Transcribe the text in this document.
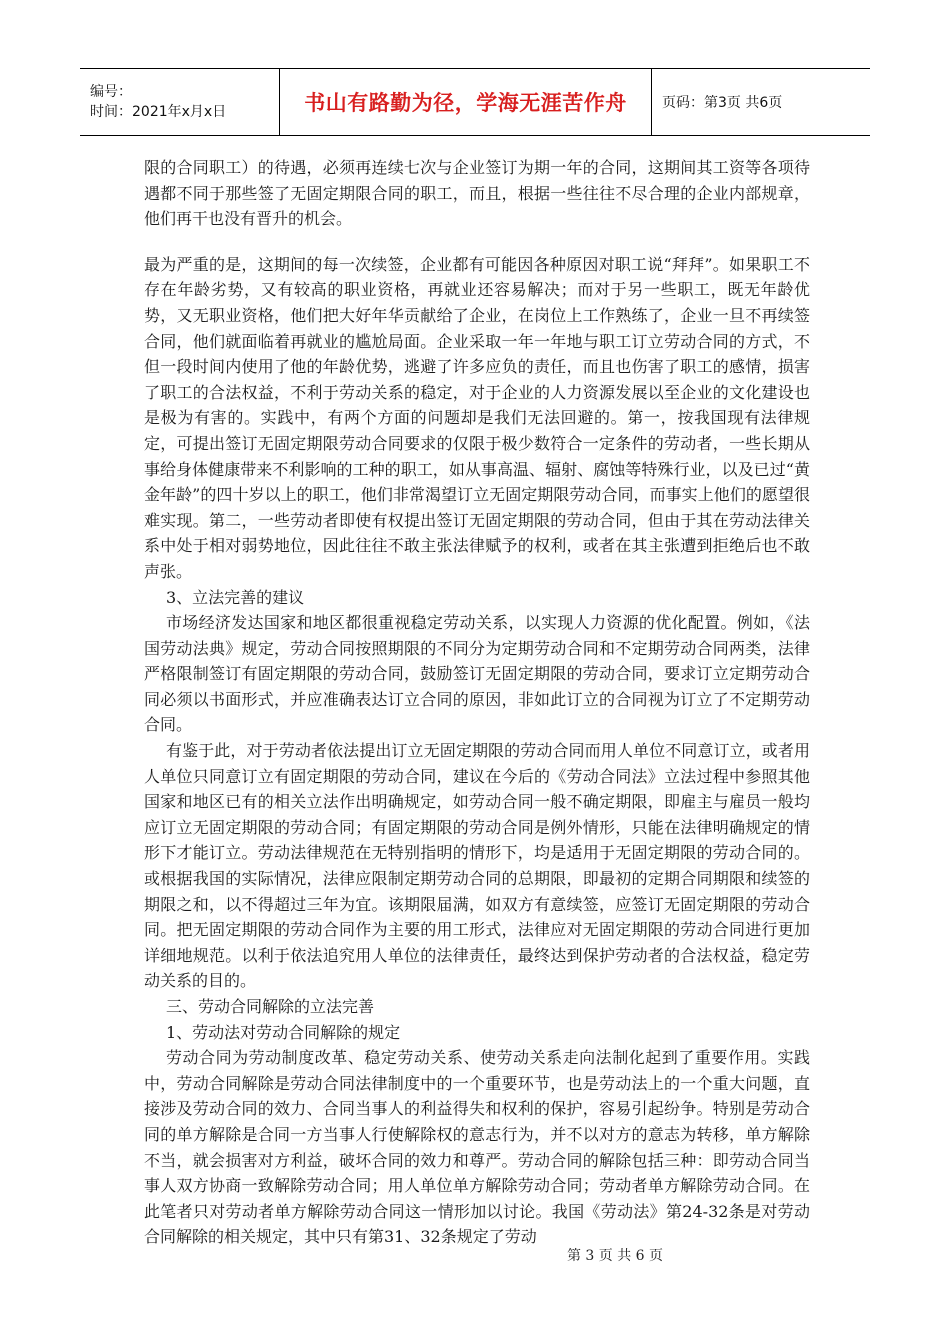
编号：
时间：2021年x月x日	书山有路勤为径，学海无涯苦作舟	页码：第3页 共6页

限的合同职工）的待遇，必须再连续七次与企业签订为期一年的合同，这期间其工资等各项待遇都不同于那些签了无固定期限合同的职工，而且，根据一些往往不尽合理的企业内部规章，他们再干也没有晋升的机会。

最为严重的是，这期间的每一次续签，企业都有可能因各种原因对职工说“拜拜”。如果职工不存在年龄劣势，又有较高的职业资格，再就业还容易解决；而对于另一些职工，既无年龄优势，又无职业资格，他们把大好年华贡献给了企业，在岗位上工作熟练了，企业一旦不再续签合同，他们就面临着再就业的尴尬局面。企业采取一年一年地与职工订立劳动合同的方式，不但一段时间内使用了他的年龄优势，逃避了许多应负的责任，而且也伤害了职工的感情，损害了职工的合法权益，不利于劳动关系的稳定，对于企业的人力资源发展以至企业的文化建设也是极为有害的。实践中，有两个方面的问题却是我们无法回避的。第一，按我国现有法律规定，可提出签订无固定期限劳动合同要求的仅限于极少数符合一定条件的劳动者，一些长期从事给身体健康带来不利影响的工种的职工，如从事高温、辐射、腐蚀等特殊行业，以及已过“黄金年龄”的四十岁以上的职工，他们非常渴望订立无固定期限劳动合同，而事实上他们的愿望很难实现。第二，一些劳动者即使有权提出签订无固定期限的劳动合同，但由于其在劳动法律关系中处于相对弱势地位，因此往往不敢主张法律赋予的权利，或者在其主张遭到拒绝后也不敢声张。

3、立法完善的建议

市场经济发达国家和地区都很重视稳定劳动关系，以实现人力资源的优化配置。例如，《法国劳动法典》规定，劳动合同按照期限的不同分为定期劳动合同和不定期劳动合同两类，法律严格限制签订有固定期限的劳动合同，鼓励签订无固定期限的劳动合同，要求订立定期劳动合同必须以书面形式，并应准确表达订立合同的原因，非如此订立的合同视为订立了不定期劳动合同。

有鉴于此，对于劳动者依法提出订立无固定期限的劳动合同而用人单位不同意订立，或者用人单位只同意订立有固定期限的劳动合同，建议在今后的《劳动合同法》立法过程中参照其他国家和地区已有的相关立法作出明确规定，如劳动合同一般不确定期限，即雇主与雇员一般均应订立无固定期限的劳动合同；有固定期限的劳动合同是例外情形，只能在法律明确规定的情形下才能订立。劳动法律规范在无特别指明的情形下，均是适用于无固定期限的劳动合同的。或根据我国的实际情况，法律应限制定期劳动合同的总期限，即最初的定期合同期限和续签的期限之和，以不得超过三年为宜。该期限届满，如双方有意续签，应签订无固定期限的劳动合同。把无固定期限的劳动合同作为主要的用工形式，法律应对无固定期限的劳动合同进行更加详细地规范。以利于依法追究用人单位的法律责任，最终达到保护劳动者的合法权益，稳定劳动关系的目的。

三、劳动合同解除的立法完善

1、劳动法对劳动合同解除的规定

劳动合同为劳动制度改革、稳定劳动关系、使劳动关系走向法制化起到了重要作用。实践中，劳动合同解除是劳动合同法律制度中的一个重要环节，也是劳动法上的一个重大问题，直接涉及劳动合同的效力、合同当事人的利益得失和权利的保护，容易引起纷争。特别是劳动合同的单方解除是合同一方当事人行使解除权的意志行为，并不以对方的意志为转移，单方解除不当，就会损害对方利益，破坏合同的效力和尊严。劳动合同的解除包括三种：即劳动合同当事人双方协商一致解除劳动合同；用人单位单方解除劳动合同；劳动者单方解除劳动合同。在此笔者只对劳动者单方解除劳动合同这一情形加以讨论。我国《劳动法》第24-32条是对劳动合同解除的相关规定，其中只有第31、32条规定了劳动

第 3 页 共 6 页
